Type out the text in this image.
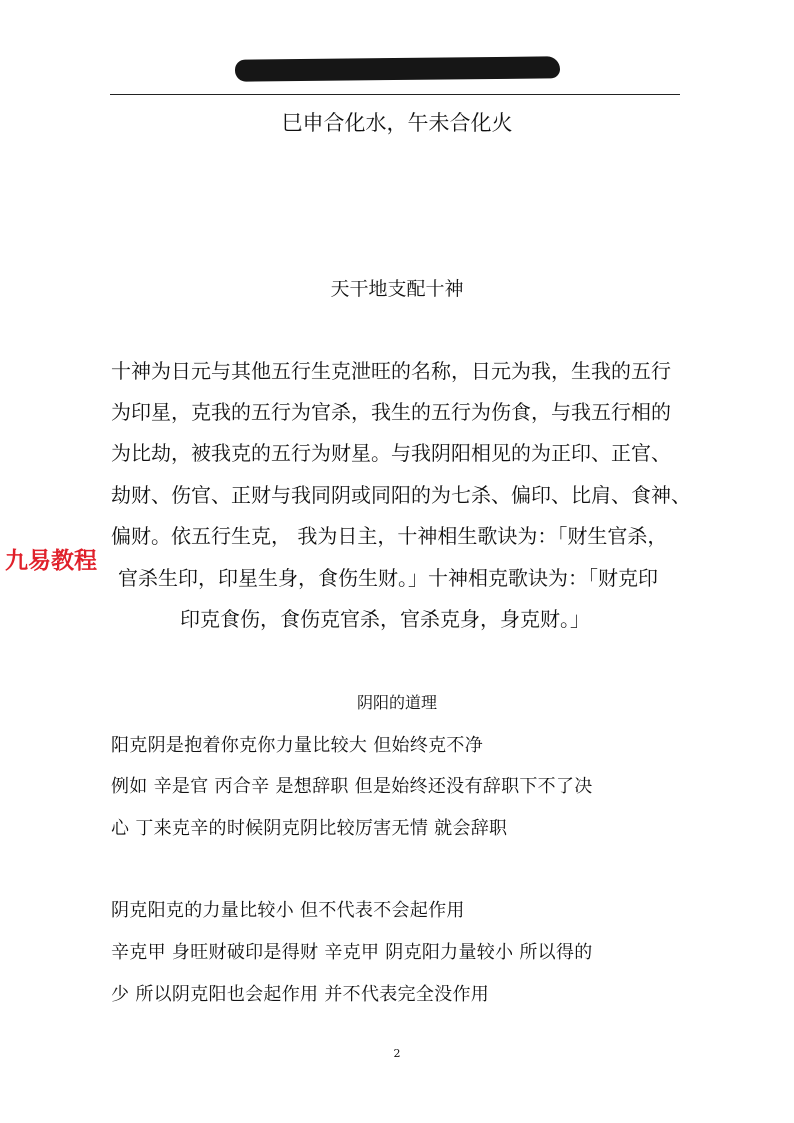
巳申合化水，午未合化火
天干地支配十神
十神为日元与其他五行生克泄旺的名称，日元为我，生我的五行
为印星，克我的五行为官杀，我生的五行为伤食，与我五行相的
为比劫，被我克的五行为财星。与我阴阳相见的为正印、正官、
劫财、伤官、正财与我同阴或同阳的为七杀、偏印、比肩、食神、
偏财。依五行生克， 我为日主，十神相生歌诀为：「财生官杀，
官杀生印，印星生身，食伤生财。」十神相克歌诀为：「财克印
印克食伤，食伤克官杀，官杀克身，身克财。」
九易教程
阴阳的道理
阳克阴是抱着你克你力量比较大 但始终克不净
例如 辛是官 丙合辛 是想辞职 但是始终还没有辞职下不了决
心 丁来克辛的时候阴克阴比较厉害无情 就会辞职
阴克阳克的力量比较小 但不代表不会起作用
辛克甲 身旺财破印是得财 辛克甲 阴克阳力量较小 所以得的
少 所以阴克阳也会起作用 并不代表完全没作用
2
